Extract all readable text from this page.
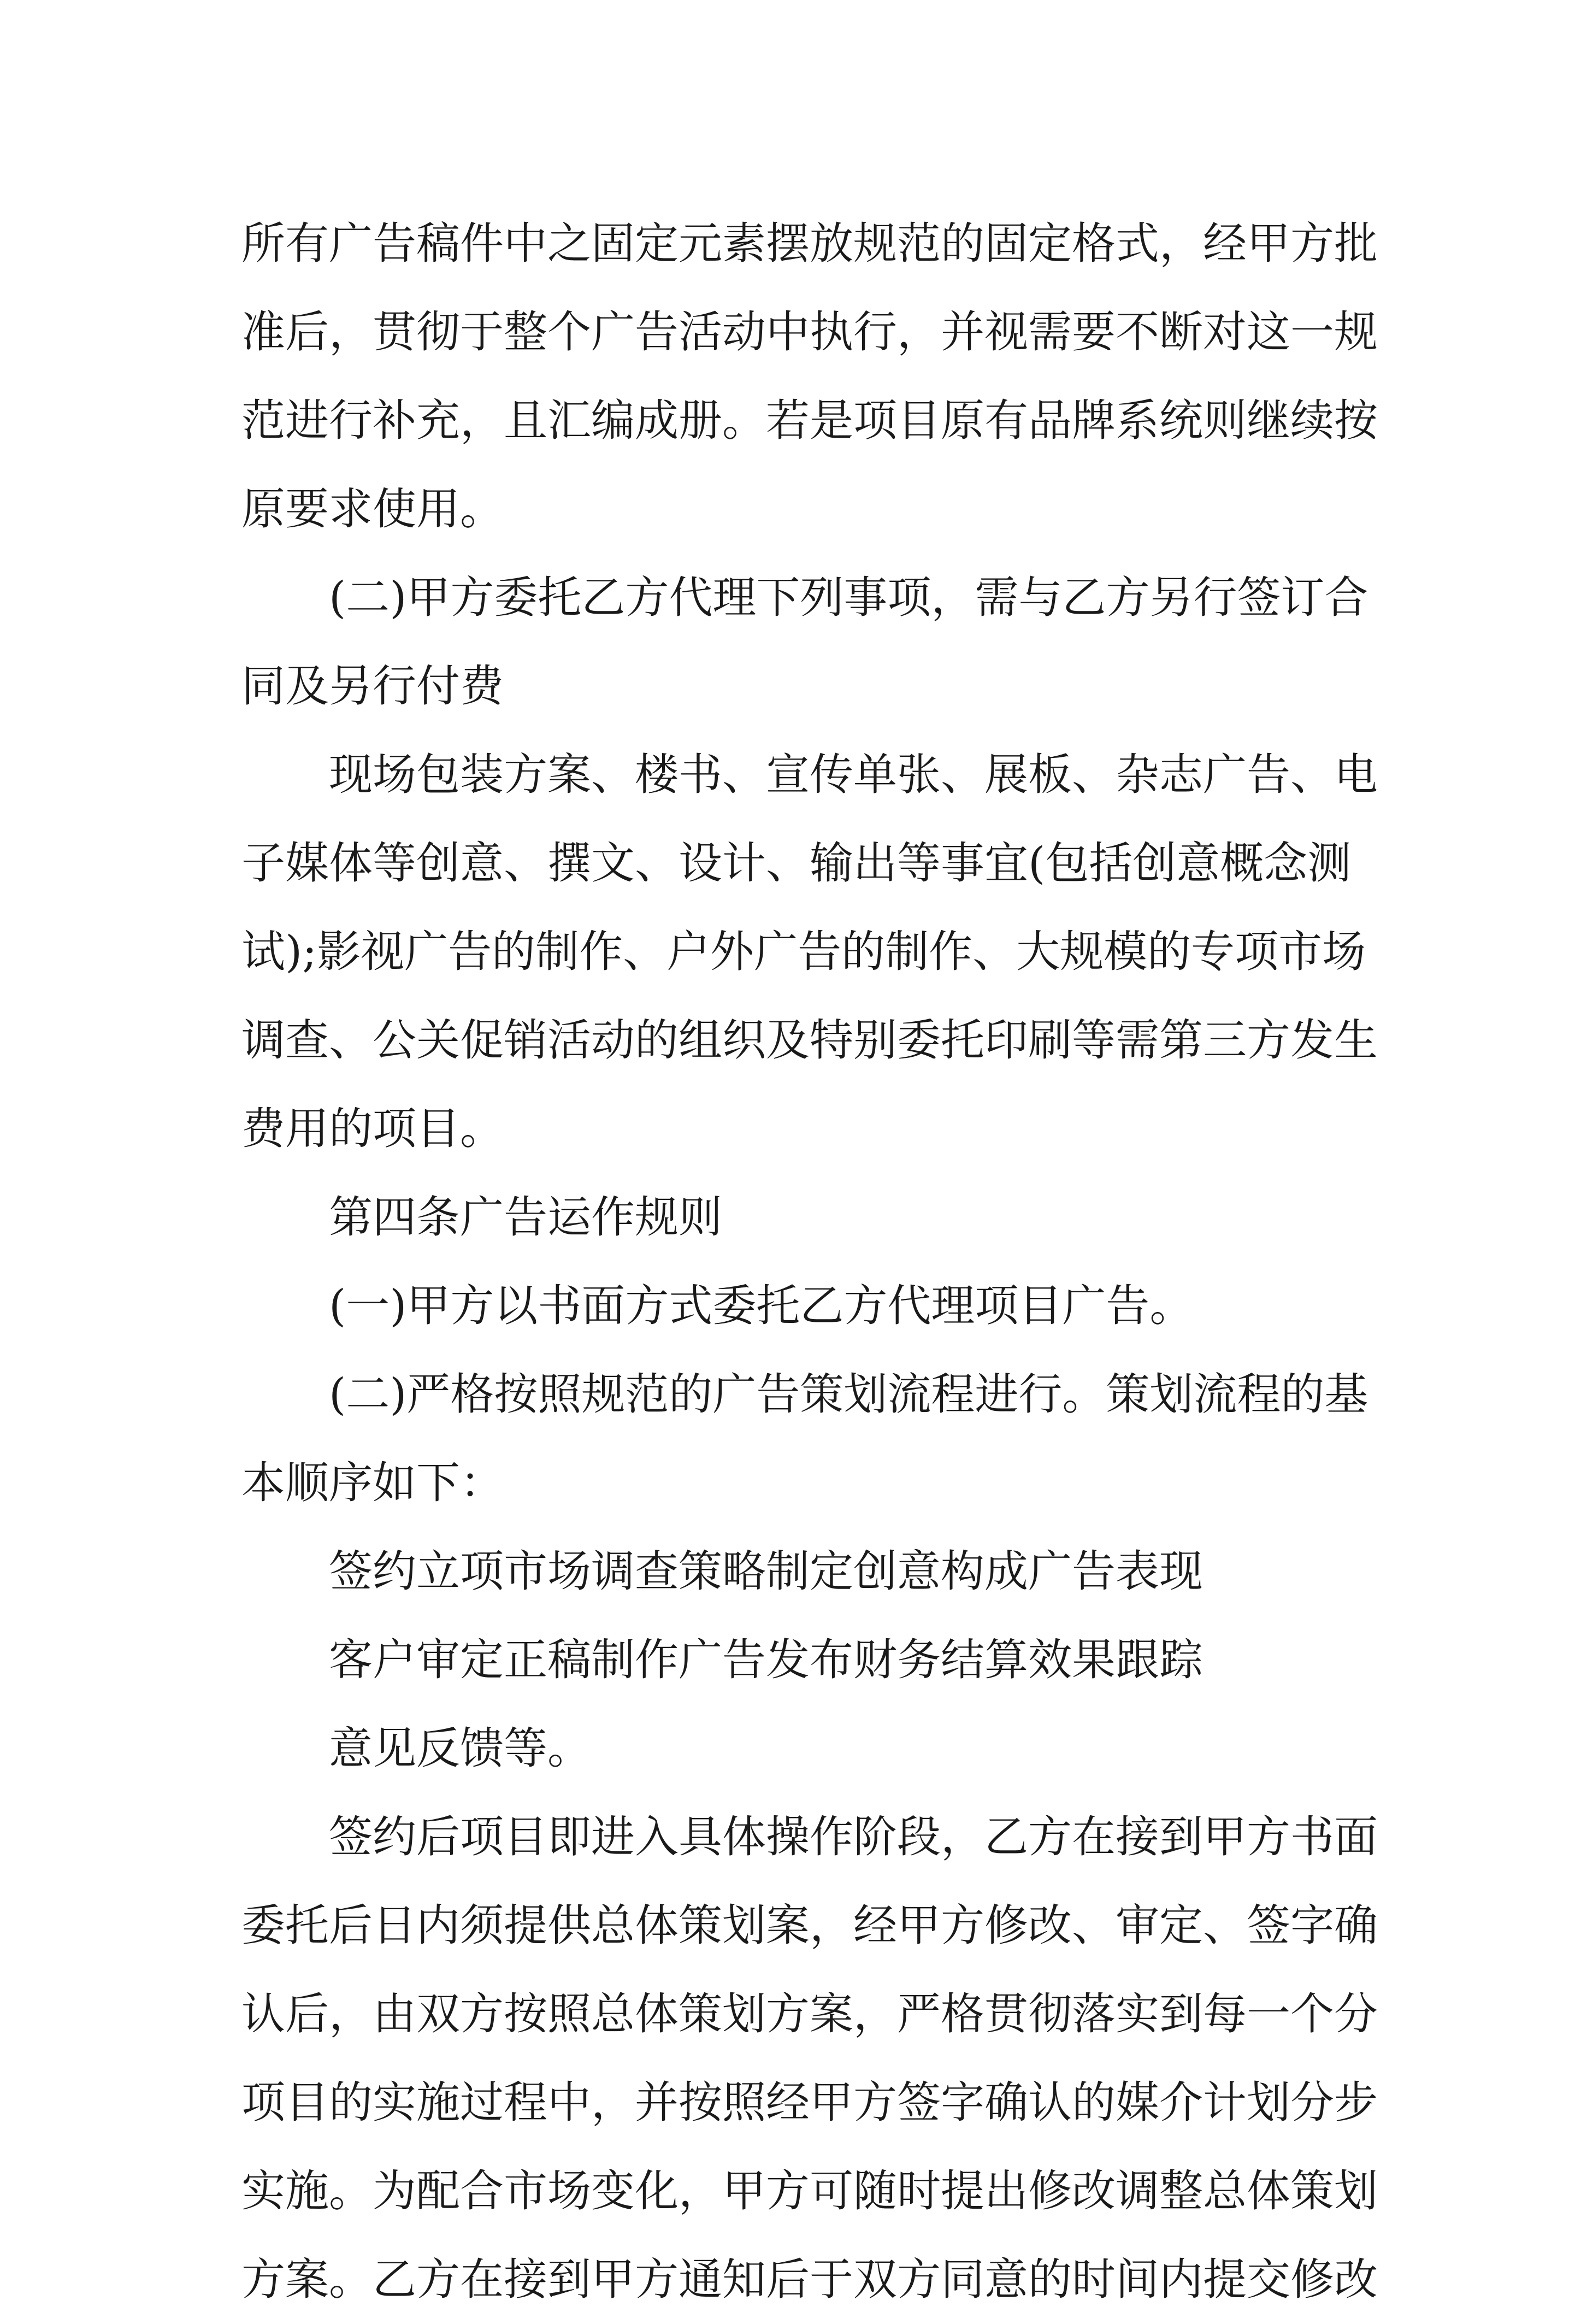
所有广告稿件中之固定元素摆放规范的固定格式，经甲方批
准后，贯彻于整个广告活动中执行，并视需要不断对这一规
范进行补充，且汇编成册。若是项目原有品牌系统则继续按
原要求使用。
(二)甲方委托乙方代理下列事项，需与乙方另行签订合
同及另行付费
现场包装方案、楼书、宣传单张、展板、杂志广告、电
子媒体等创意、撰文、设计、输出等事宜(包括创意概念测
试);影视广告的制作、户外广告的制作、大规模的专项市场
调查、公关促销活动的组织及特别委托印刷等需第三方发生
费用的项目。
第四条广告运作规则
(一)甲方以书面方式委托乙方代理项目广告。
(二)严格按照规范的广告策划流程进行。策划流程的基
本顺序如下：
签约立项市场调查策略制定创意构成广告表现
客户审定正稿制作广告发布财务结算效果跟踪
意见反馈等。
签约后项目即进入具体操作阶段，乙方在接到甲方书面
委托后日内须提供总体策划案，经甲方修改、审定、签字确
认后，由双方按照总体策划方案，严格贯彻落实到每一个分
项目的实施过程中，并按照经甲方签字确认的媒介计划分步
实施。为配合市场变化，甲方可随时提出修改调整总体策划
方案。乙方在接到甲方通知后于双方同意的时间内提交修改
